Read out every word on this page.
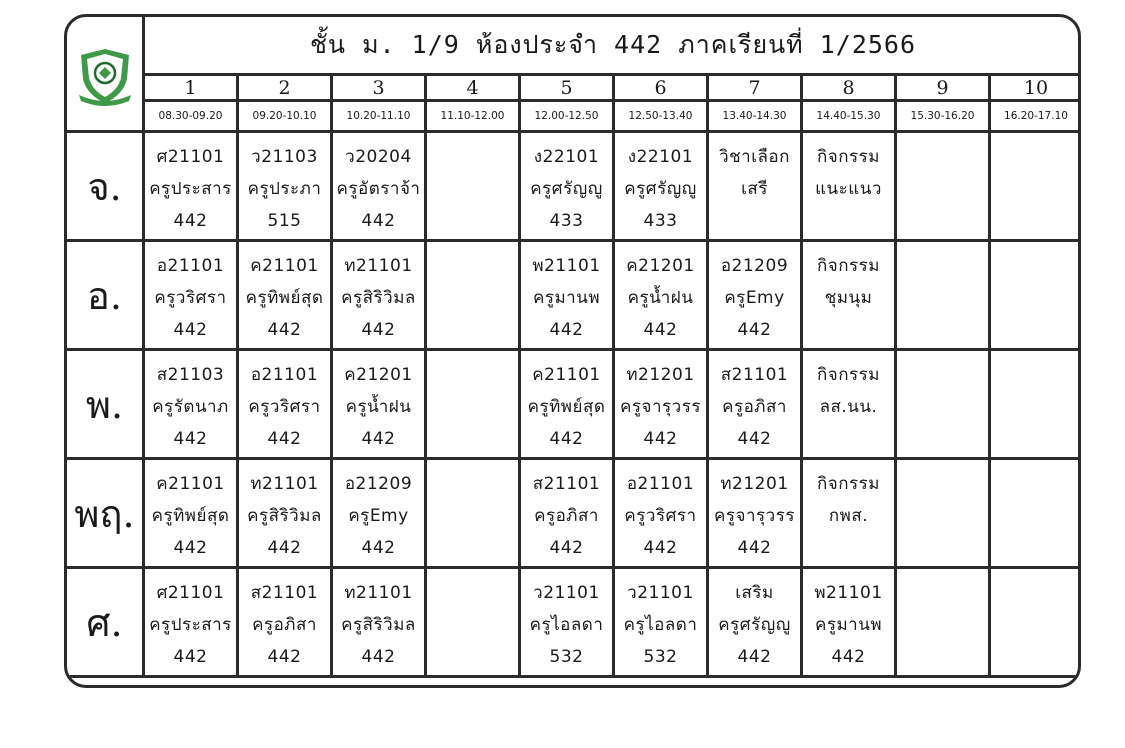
	ชั้น ม. 1/9 ห้องประจำ 442 ภาคเรียนที่ 1/2566									
	1	2	3	4	5	6	7	8	9	10
	08.30-09.20	09.20-10.10	10.20-11.10	11.10-12.00	12.00-12.50	12.50-13.40	13.40-14.30	14.40-15.30	15.30-16.20	16.20-17.10
จ.	ศ21101
ครูประสาร
442	ว21103
ครูประภา
515	ว20204
ครูอัตราจ้า
442		ง22101
ครูศรัญญู
433	ง22101
ครูศรัญญู
433	วิชาเลือก
เสรี	กิจกรรม
แนะแนว		

อ.	อ21101
ครูวริศรา
442	ค21101
ครูทิพย์สุด
442	ท21101
ครูสิริวิมล
442		พ21101
ครูมานพ
442	ค21201
ครูน้ำฝน
442	อ21209
ครูEmy
442	กิจกรรม
ชุมนุม		

พ.	ส21103
ครูรัตนาภ
442	อ21101
ครูวริศรา
442	ค21201
ครูน้ำฝน
442		ค21101
ครูทิพย์สุด
442	ท21201
ครูจารุวรร
442	ส21101
ครูอภิสา
442	กิจกรรม
ลส.นน.		

พฤ.	ค21101
ครูทิพย์สุด
442	ท21101
ครูสิริวิมล
442	อ21209
ครูEmy
442		ส21101
ครูอภิสา
442	อ21101
ครูวริศรา
442	ท21201
ครูจารุวรร
442	กิจกรรม
กพส.		

ศ.	ศ21101
ครูประสาร
442	ส21101
ครูอภิสา
442	ท21101
ครูสิริวิมล
442		ว21101
ครูไอลดา
532	ว21101
ครูไอลดา
532	เสริม
ครูศรัญญู
442	พ21101
ครูมานพ
442		
